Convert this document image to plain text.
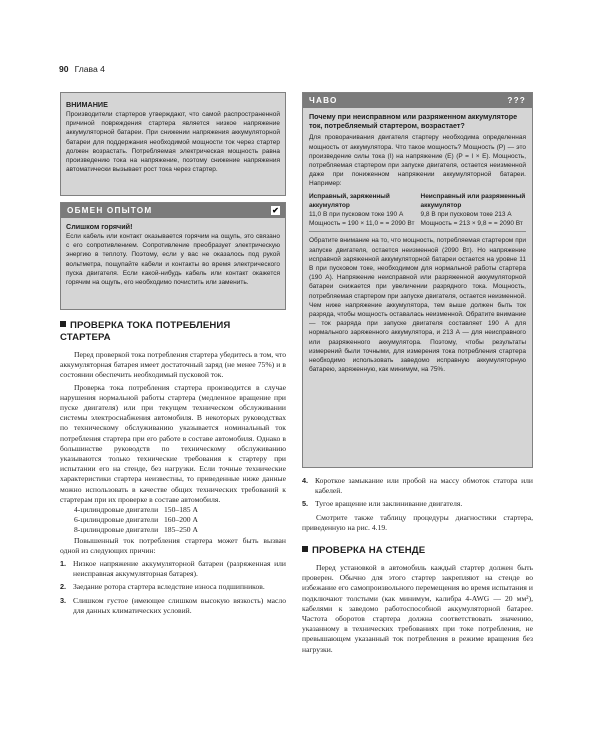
90 Глава 4
ВНИМАНИЕ

Производители стартеров утверждают, что самой распространенной причиной повреждения стартера является низкое напряжение аккумуляторной батареи. При снижении напряжения аккумуляторной батареи для поддержания необходимой мощности ток через стартер должен возрастать. Потребляемая электрическая мощность равна произведению тока на напряжение, поэтому снижение напряжения автоматически вызывает рост тока через стартер.

ОБМЕН ОПЫТОМ	✔
Слишком горячий!

Если кабель или контакт оказывается горячим на ощупь, это связано с его сопротивлением. Сопротивление преобразует электрическую энергию в теплоту. Поэтому, если у вас не оказалось под рукой вольтметра, пощупайте кабели и контакты во время электрического пуска двигателя. Если какой-нибудь кабель или контакт окажется горячим на ощупь, его необходимо почистить или заменить.

ПРОВЕРКА ТОКА ПОТРЕБЛЕНИЯ
СТАРТЕРА

Перед проверкой тока потребления стартера убедитесь в том, что аккумуляторная батарея имеет достаточный заряд (не менее 75%) и в состоянии обеспечить необходимый пусковой ток.

Проверка тока потребления стартера производится в случае нарушения нормальной работы стартера (медленное вращение при пуске двигателя) или при текущем техническом обслуживании системы электроснабжения автомобиля. В некоторых руководствах по техническому обслуживанию указывается номинальный ток потребления стартера при его работе в составе автомобиля. Однако в большинстве руководств по техническому обслуживанию указываются только технические требования к стартеру при испытании его на стенде, без нагрузки. Если точные технические характеристики стартера неизвестны, то приведенные ниже данные можно использовать в качестве общих технических требований к стартерам при их проверке в составе автомобиля.

4-цилиндровые двигатели 150–185 А
6-цилиндровые двигатели 160–200 А
8-цилиндровые двигатели 185–250 А

Повышенный ток потребления стартера может быть вызван одной из следующих причин:

1. Низкое напряжение аккумуляторной батареи (разряженная или неисправная аккумуляторная батарея).
2. Заедание ротора стартера вследствие износа подшипников.
3. Слишком густое (имеющее слишком высокую вязкость) масло для данных климатических условий.
ЧАВО	???
Почему при неисправном или разряженном аккумуляторе ток, потребляемый стартером, возрастает?

Для проворачивания двигателя стартеру необходима определенная мощность от аккумулятора. Что такое мощность? Мощность (P) — это произведение силы тока (I) на напряжение (E) (P = I × E). Мощность, потребляемая стартером при запуске двигателя, остается неизменной даже при пониженном напряжении аккумуляторной батареи. Например:

Исправный, заряженный аккумулятор
11,0 В при пусковом токе 190 А
Мощность = 190 × 11,0 = = 2090 Вт
Неисправный или разряженный аккумулятор
9,8 В при пусковом токе 213 А
Мощность = 213 × 9,8 = = 2090 Вт

Обратите внимание на то, что мощность, потребляемая стартером при запуске двигателя, остается неизменной (2090 Вт). Но напряжение исправной заряженной аккумуляторной батареи остается на уровне 11 В при пусковом токе, необходимом для нормальной работы стартера (190 А). Напряжение неисправной или разряженной аккумуляторной батареи снижается при увеличении разрядного тока. Мощность, потребляемая стартером при запуске двигателя, остается неизменной. Чем ниже напряжение аккумулятора, тем выше должен быть ток разряда, чтобы мощность оставалась неизменной. Обратите внимание — ток разряда при запуске двигателя составляет 190 А для нормального заряженного аккумулятора, и 213 А — для неисправного или разряженного аккумулятора. Поэтому, чтобы результаты измерений были точными, для измерения тока потребления стартера необходимо использовать заведомо исправную аккумуляторную батарею, заряженную, как минимум, на 75%.

4. Короткое замыкание или пробой на массу обмоток статора или кабелей.
5. Тугое вращение или заклинивание двигателя.

Смотрите также таблицу процедуры диагностики стартера, приведенную на рис. 4.19.

ПРОВЕРКА НА СТЕНДЕ

Перед установкой в автомобиль каждый стартер должен быть проверен. Обычно для этого стартер закрепляют на стенде во избежание его самопроизвольного перемещения во время испытания и подключают толстыми (как минимум, калибра 4-AWG — 20 мм²), кабелями к заведомо работоспособной аккумуляторной батарее. Частота оборотов стартера должна соответствовать значению, указанному в технических требованиях при токе потребления, не превышающем указанный ток потребления в режиме вращения без нагрузки.
